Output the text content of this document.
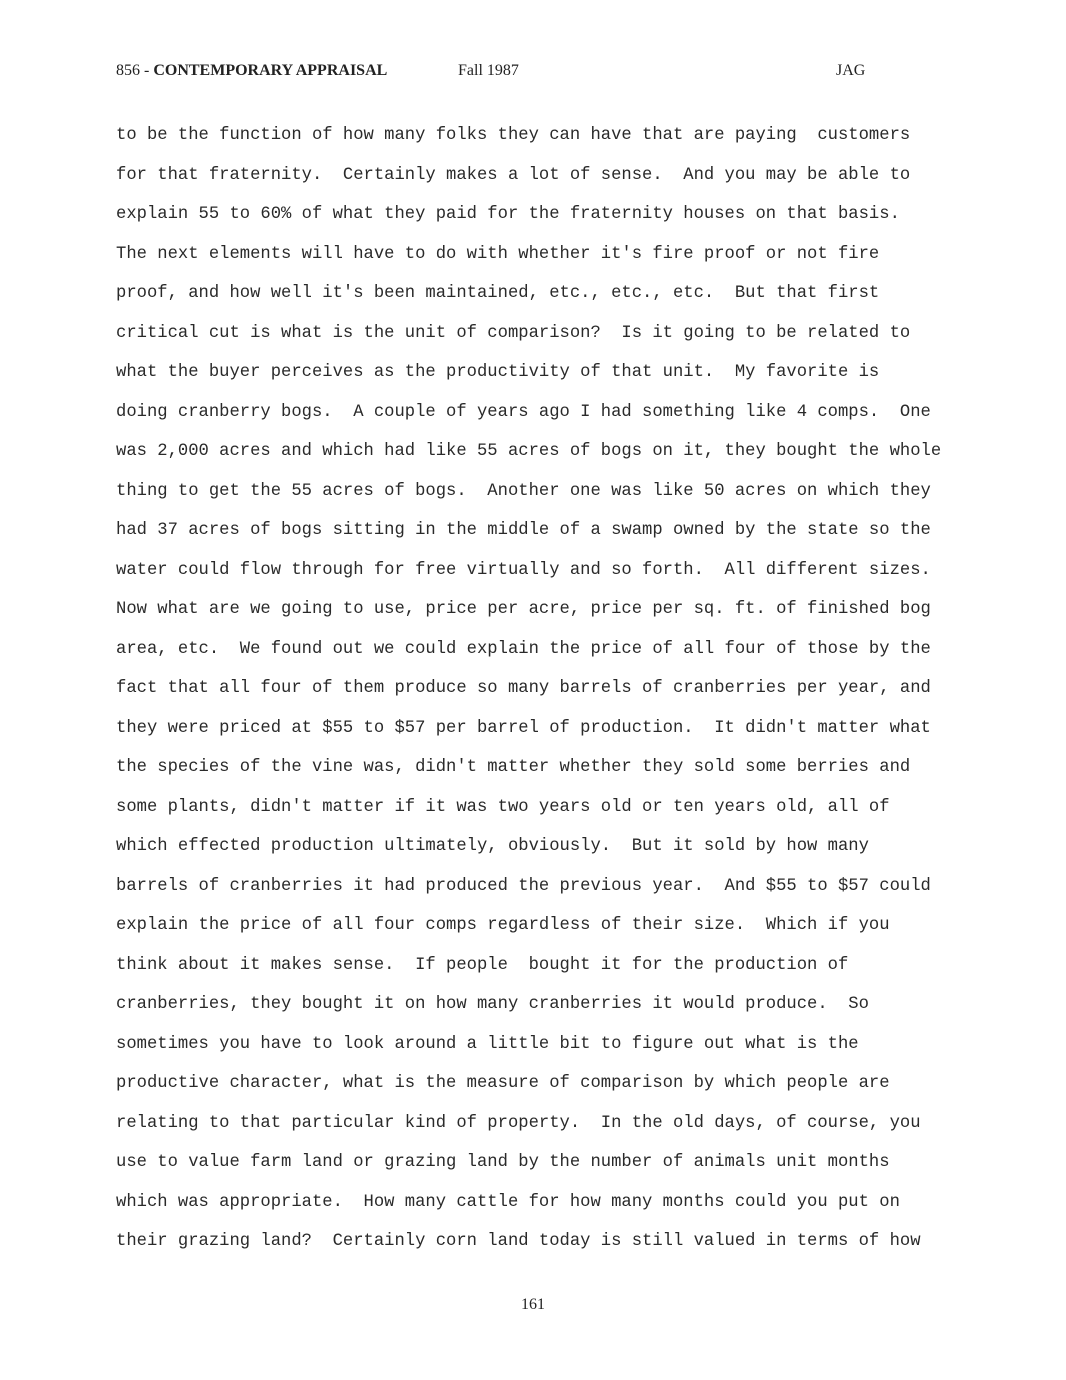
856 - CONTEMPORARY APPRAISAL	Fall 1987	JAG
to be the function of how many folks they can have that are paying  customers
for that fraternity.  Certainly makes a lot of sense.  And you may be able to
explain 55 to 60% of what they paid for the fraternity houses on that basis.
The next elements will have to do with whether it's fire proof or not fire
proof, and how well it's been maintained, etc., etc., etc.  But that first
critical cut is what is the unit of comparison?  Is it going to be related to
what the buyer perceives as the productivity of that unit.  My favorite is
doing cranberry bogs.  A couple of years ago I had something like 4 comps.  One
was 2,000 acres and which had like 55 acres of bogs on it, they bought the whole
thing to get the 55 acres of bogs.  Another one was like 50 acres on which they
had 37 acres of bogs sitting in the middle of a swamp owned by the state so the
water could flow through for free virtually and so forth.  All different sizes.
Now what are we going to use, price per acre, price per sq. ft. of finished bog
area, etc.  We found out we could explain the price of all four of those by the
fact that all four of them produce so many barrels of cranberries per year, and
they were priced at $55 to $57 per barrel of production.  It didn't matter what
the species of the vine was, didn't matter whether they sold some berries and
some plants, didn't matter if it was two years old or ten years old, all of
which effected production ultimately, obviously.  But it sold by how many
barrels of cranberries it had produced the previous year.  And $55 to $57 could
explain the price of all four comps regardless of their size.  Which if you
think about it makes sense.  If people  bought it for the production of
cranberries, they bought it on how many cranberries it would produce.  So
sometimes you have to look around a little bit to figure out what is the
productive character, what is the measure of comparison by which people are
relating to that particular kind of property.  In the old days, of course, you
use to value farm land or grazing land by the number of animals unit months
which was appropriate.  How many cattle for how many months could you put on
their grazing land?  Certainly corn land today is still valued in terms of how
161
